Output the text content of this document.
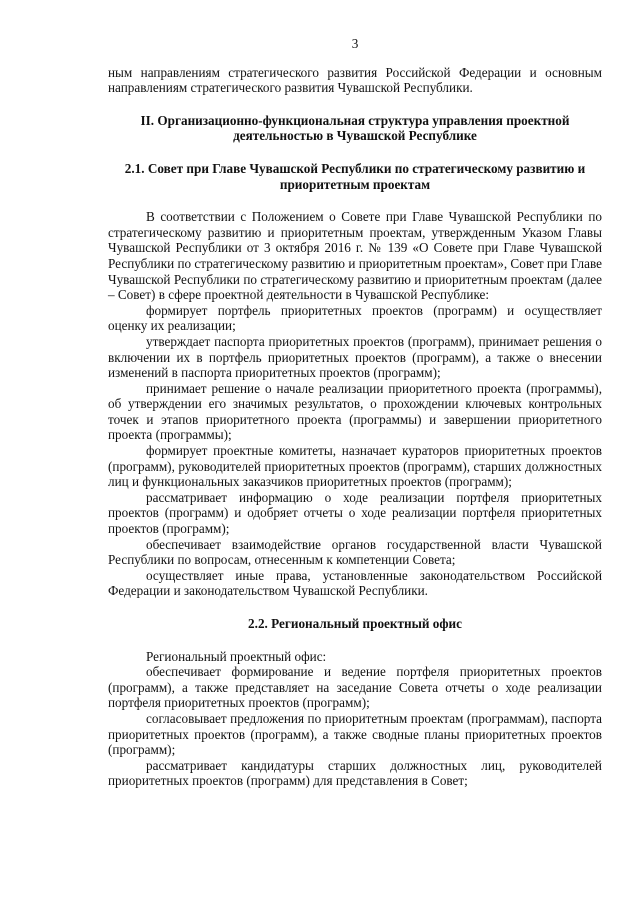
3

ным направлениям стратегического развития Российской Федерации и основным направлениям стратегического развития Чувашской Республики.

II. Организационно-функциональная структура управления проектной деятельностью в Чувашской Республике

2.1. Совет при Главе Чувашской Республики по стратегическому развитию и приоритетным проектам

В соответствии с Положением о Совете при Главе Чувашской Республики по стратегическому развитию и приоритетным проектам, утвержденным Указом Главы Чувашской Республики от 3 октября 2016 г. № 139 «О Совете при Главе Чувашской Республики по стратегическому развитию и приоритетным проектам», Совет при Главе Чувашской Республики по стратегическому развитию и приоритетным проектам (далее – Совет) в сфере проектной деятельности в Чувашской Республике:

формирует портфель приоритетных проектов (программ) и осуществляет оценку их реализации;

утверждает паспорта приоритетных проектов (программ), принимает решения о включении их в портфель приоритетных проектов (программ), а также о внесении изменений в паспорта приоритетных проектов (программ);

принимает решение о начале реализации приоритетного проекта (программы), об утверждении его значимых результатов, о прохождении ключевых контрольных точек и этапов приоритетного проекта (программы) и завершении приоритетного проекта (программы);

формирует проектные комитеты, назначает кураторов приоритетных проектов (программ), руководителей приоритетных проектов (программ), старших должностных лиц и функциональных заказчиков приоритетных проектов (программ);

рассматривает информацию о ходе реализации портфеля приоритетных проектов (программ) и одобряет отчеты о ходе реализации портфеля приоритетных проектов (программ);

обеспечивает взаимодействие органов государственной власти Чувашской Республики по вопросам, отнесенным к компетенции Совета;

осуществляет иные права, установленные законодательством Российской Федерации и законодательством Чувашской Республики.

2.2. Региональный проектный офис

Региональный проектный офис:

обеспечивает формирование и ведение портфеля приоритетных проектов (программ), а также представляет на заседание Совета отчеты о ходе реализации портфеля приоритетных проектов (программ);

согласовывает предложения по приоритетным проектам (программам), паспорта приоритетных проектов (программ), а также сводные планы приоритетных проектов (программ);

рассматривает кандидатуры старших должностных лиц, руководителей приоритетных проектов (программ) для представления в Совет;
